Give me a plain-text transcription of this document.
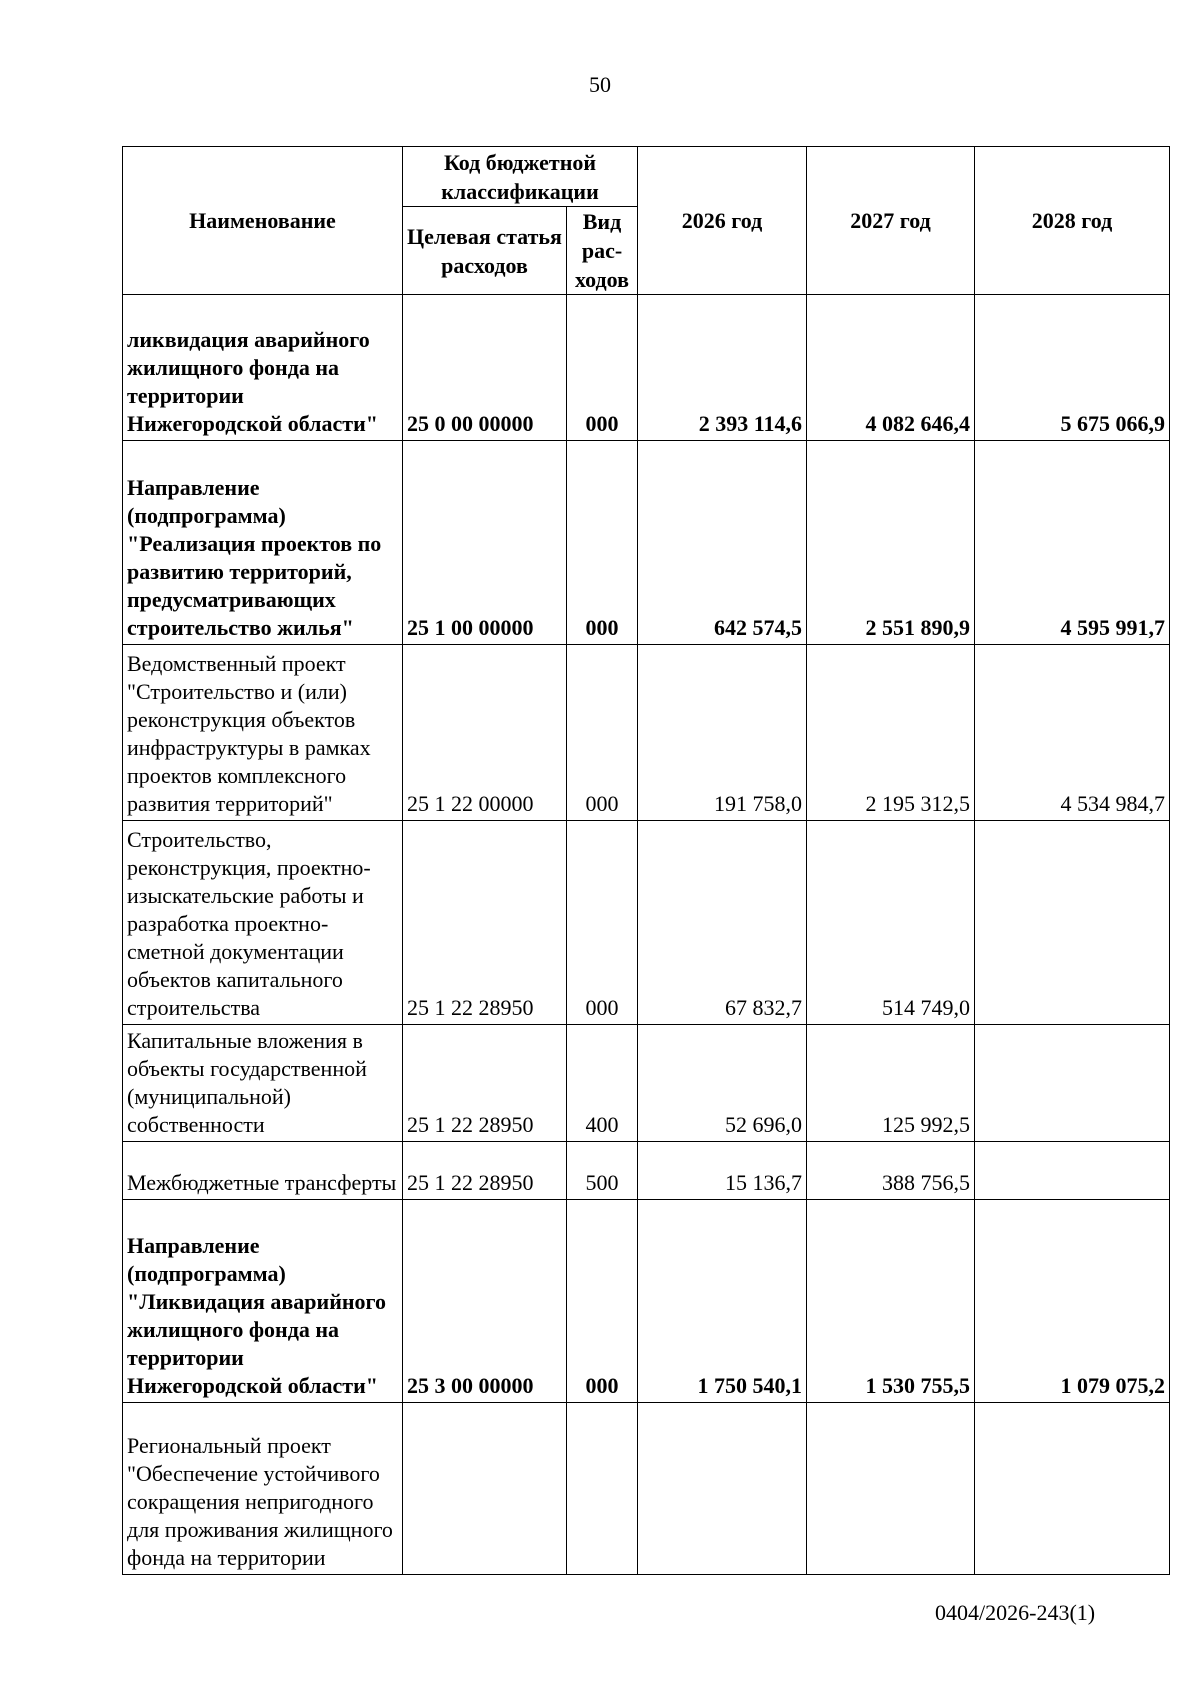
50
Наименование	Код бюджетной классификации		2026 год	2027 год	2028 год
	Целевая статья расходов	Вид рас-ходов			
ликвидация аварийного жилищного фонда на территории Нижегородской области"	25 0 00 00000	000	2 393 114,6	4 082 646,4	5 675 066,9
Направление (подпрограмма) "Реализация проектов по развитию территорий, предусматривающих строительство жилья"	25 1 00 00000	000	642 574,5	2 551 890,9	4 595 991,7
Ведомственный проект "Строительство и (или) реконструкция объектов инфраструктуры в рамках проектов комплексного развития территорий"	25 1 22 00000	000	191 758,0	2 195 312,5	4 534 984,7
Строительство, реконструкция, проектно-изыскательские работы и разработка проектно-сметной документации объектов капитального строительства	25 1 22 28950	000	67 832,7	514 749,0	
Капитальные вложения в объекты государственной (муниципальной) собственности	25 1 22 28950	400	52 696,0	125 992,5	
Межбюджетные трансферты	25 1 22 28950	500	15 136,7	388 756,5	
Направление (подпрограмма) "Ликвидация аварийного жилищного фонда на территории Нижегородской области"	25 3 00 00000	000	1 750 540,1	1 530 755,5	1 079 075,2
Региональный проект "Обеспечение устойчивого сокращения непригодного для проживания жилищного фонда на территории					
0404/2026-243(1)
